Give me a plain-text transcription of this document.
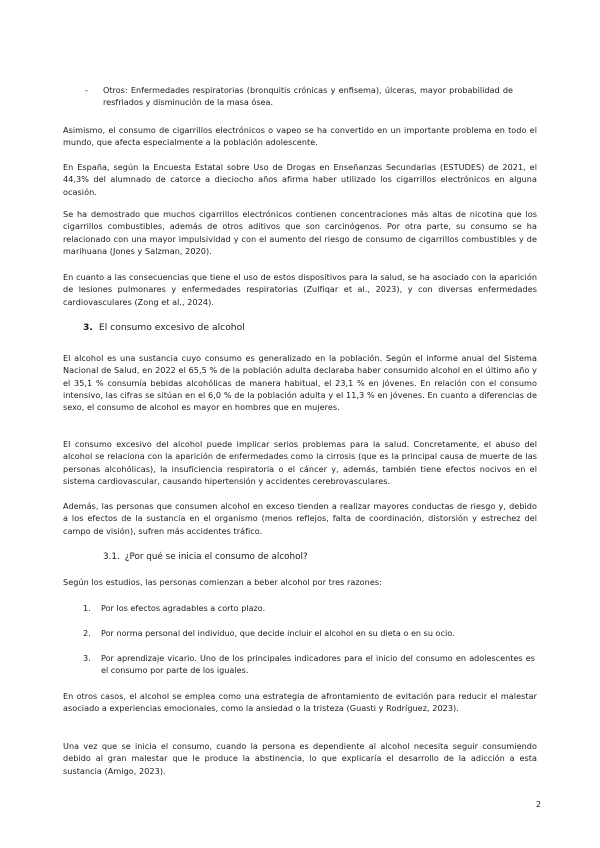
- Otros: Enfermedades respiratorias (bronquitis crónicas y enfisema), úlceras, mayor probabilidad de resfriados y disminución de la masa ósea.

Asimismo, el consumo de cigarrillos electrónicos o vapeo se ha convertido en un importante problema en todo el mundo, que afecta especialmente a la población adolescente.

En España, según la Encuesta Estatal sobre Uso de Drogas en Enseñanzas Secundarias (ESTUDES) de 2021, el 44,3% del alumnado de catorce a dieciocho años afirma haber utilizado los cigarrillos electrónicos en alguna ocasión.

Se ha demostrado que muchos cigarrillos electrónicos contienen concentraciones más altas de nicotina que los cigarrillos combustibles, además de otros aditivos que son carcinógenos. Por otra parte, su consumo se ha relacionado con una mayor impulsividad y con el aumento del riesgo de consumo de cigarrillos combustibles y de marihuana (Jones y Salzman, 2020).

En cuanto a las consecuencias que tiene el uso de estos dispositivos para la salud, se ha asociado con la aparición de lesiones pulmonares y enfermedades respiratorias (Zulfiqar et al., 2023), y con diversas enfermedades cardiovasculares (Zong et al., 2024).

3. El consumo excesivo de alcohol

El alcohol es una sustancia cuyo consumo es generalizado en la población. Según el informe anual del Sistema Nacional de Salud, en 2022 el 65,5 % de la población adulta declaraba haber consumido alcohol en el último año y el 35,1 % consumía bebidas alcohólicas de manera habitual, el 23,1 % en jóvenes. En relación con el consumo intensivo, las cifras se sitúan en el 6,0 % de la población adulta y el 11,3 % en jóvenes. En cuanto a diferencias de sexo, el consumo de alcohol es mayor en hombres que en mujeres.

El consumo excesivo del alcohol puede implicar serios problemas para la salud. Concretamente, el abuso del alcohol se relaciona con la aparición de enfermedades como la cirrosis (que es la principal causa de muerte de las personas alcohólicas), la insuficiencia respiratoria o el cáncer y, además, también tiene efectos nocivos en el sistema cardiovascular, causando hipertensión y accidentes cerebrovasculares.

Además, las personas que consumen alcohol en exceso tienden a realizar mayores conductas de riesgo y, debido a los efectos de la sustancia en el organismo (menos reflejos, falta de coordinación, distorsión y estrechez del campo de visión), sufren más accidentes tráfico.

3.1. ¿Por qué se inicia el consumo de alcohol?

Según los estudios, las personas comienzan a beber alcohol por tres razones:

1. Por los efectos agradables a corto plazo.
2. Por norma personal del individuo, que decide incluir el alcohol en su dieta o en su ocio.
3. Por aprendizaje vicario. Uno de los principales indicadores para el inicio del consumo en adolescentes es el consumo por parte de los iguales.

En otros casos, el alcohol se emplea como una estrategia de afrontamiento de evitación para reducir el malestar asociado a experiencias emocionales, como la ansiedad o la tristeza (Guasti y Rodríguez, 2023).

Una vez que se inicia el consumo, cuando la persona es dependiente al alcohol necesita seguir consumiendo debido al gran malestar que le produce la abstinencia, lo que explicaría el desarrollo de la adicción a esta sustancia (Amigo, 2023).

2
